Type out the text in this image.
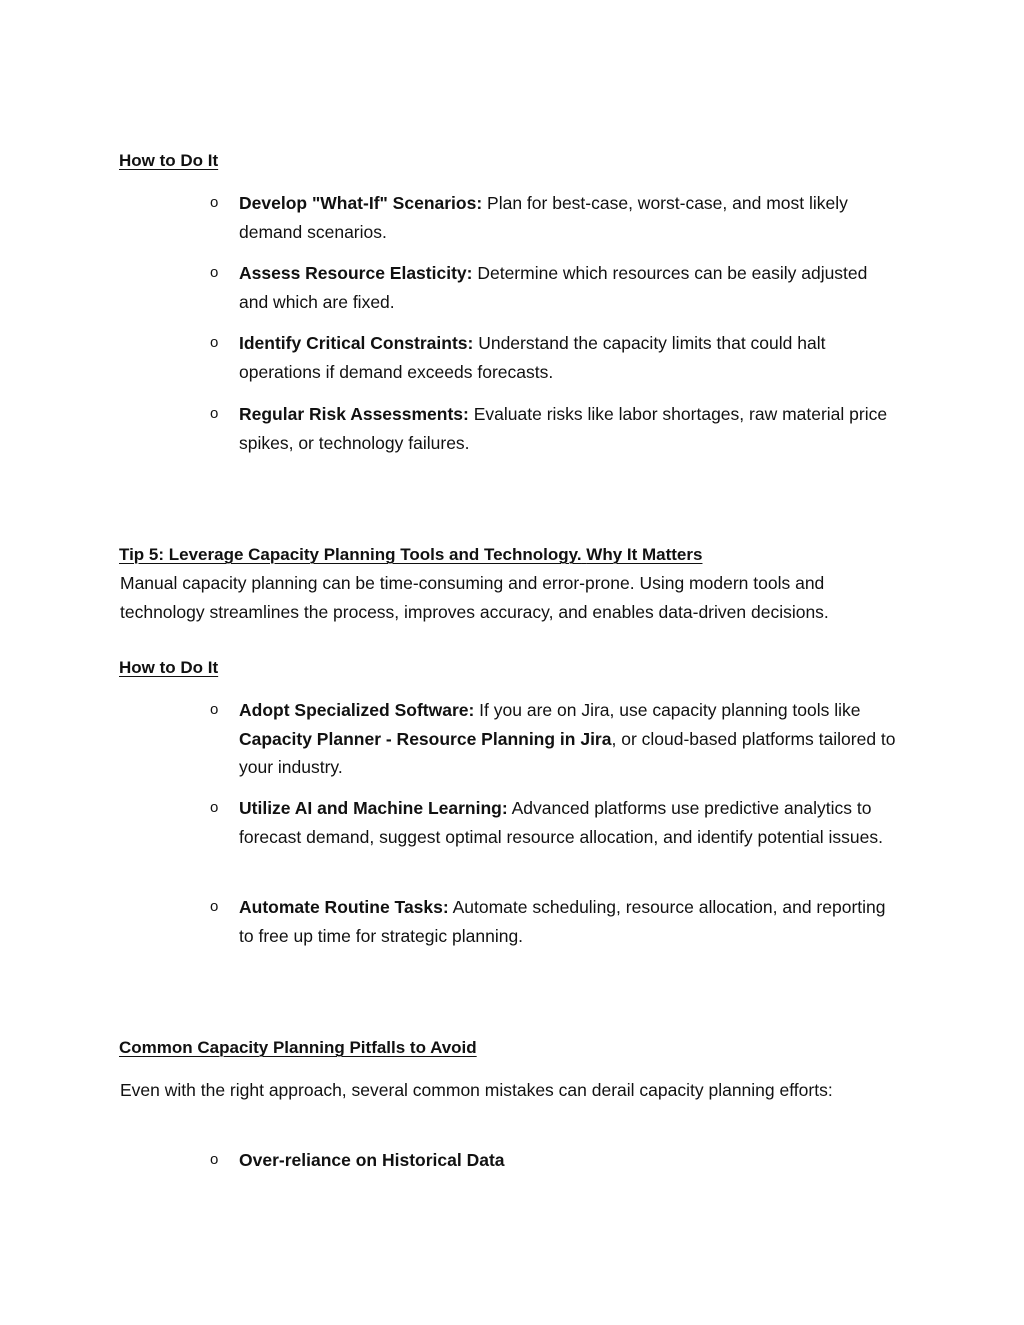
How to Do It
o Develop "What-If" Scenarios: Plan for best-case, worst-case, and most likely demand scenarios.
o Assess Resource Elasticity: Determine which resources can be easily adjusted and which are fixed.
o Identify Critical Constraints: Understand the capacity limits that could halt operations if demand exceeds forecasts.
o Regular Risk Assessments: Evaluate risks like labor shortages, raw material price spikes, or technology failures.
Tip 5: Leverage Capacity Planning Tools and Technology. Why It Matters
Manual capacity planning can be time-consuming and error-prone. Using modern tools and technology streamlines the process, improves accuracy, and enables data-driven decisions.
How to Do It
o Adopt Specialized Software: If you are on Jira, use capacity planning tools like Capacity Planner - Resource Planning in Jira, or cloud-based platforms tailored to your industry.
o Utilize AI and Machine Learning: Advanced platforms use predictive analytics to forecast demand, suggest optimal resource allocation, and identify potential issues.
o Automate Routine Tasks: Automate scheduling, resource allocation, and reporting to free up time for strategic planning.
Common Capacity Planning Pitfalls to Avoid
Even with the right approach, several common mistakes can derail capacity planning efforts:
o Over-reliance on Historical Data
